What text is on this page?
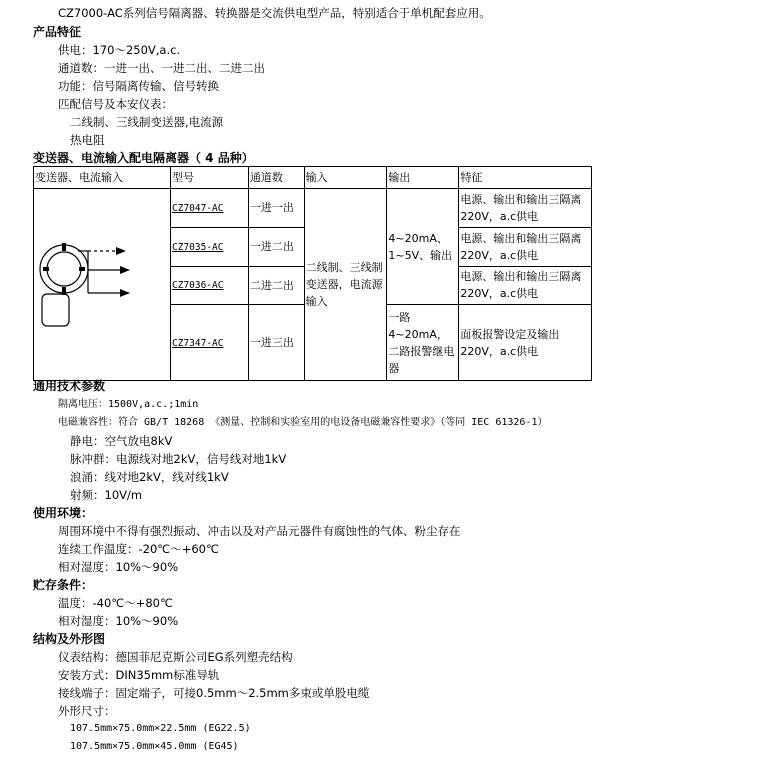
CZ7000-AC系列信号隔离器、转换器是交流供电型产品，特别适合于单机配套应用。
产品特征
供电：170～250V,a.c.
通道数：一进一出、一进二出、二进二出
功能：信号隔离传输、信号转换
匹配信号及本安仪表：
二线制、三线制变送器,电流源
热电阻
变送器、电流输入配电隔离器（ 4 品种）
变送器、电流输入	型号	通道数	输入	输出	特征
	CZ7047-AC	一进一出	二线制、三线制变送器，电流源输入	4~20mA、1~5V、输出	电源、输出和输出三隔离 220V，a.c供电
	CZ7035-AC	一进二出			电源、输出和输出三隔离 220V，a.c供电
	CZ7036-AC	二进二出			电源、输出和输出三隔离 220V，a.c供电
	CZ7347-AC	一进三出		一路4~20mA，二路报警继电器	面板报警设定及输出220V，a.c供电
通用技术参数
隔离电压：1500V,a.c.;1min
电磁兼容性：符合 GB/T 18268 《测量、控制和实验室用的电设备电磁兼容性要求》（等同 IEC 61326-1）
静电：空气放电8kV
脉冲群：电源线对地2kV，信号线对地1kV
浪涌：线对地2kV，线对线1kV
射频：10V/m
使用环境：
周围环境中不得有强烈振动、冲击以及对产品元器件有腐蚀性的气体、粉尘存在
连续工作温度：-20℃～+60℃
相对湿度：10%～90%
贮存条件：
温度：-40℃～+80℃
相对湿度：10%～90%
结构及外形图
仪表结构：德国菲尼克斯公司EG系列塑壳结构
安装方式：DIN35mm标准导轨
接线端子：固定端子，可接0.5mm～2.5mm多束或单股电缆
外形尺寸：
107.5mm×75.0mm×22.5mm (EG22.5)
107.5mm×75.0mm×45.0mm (EG45)
